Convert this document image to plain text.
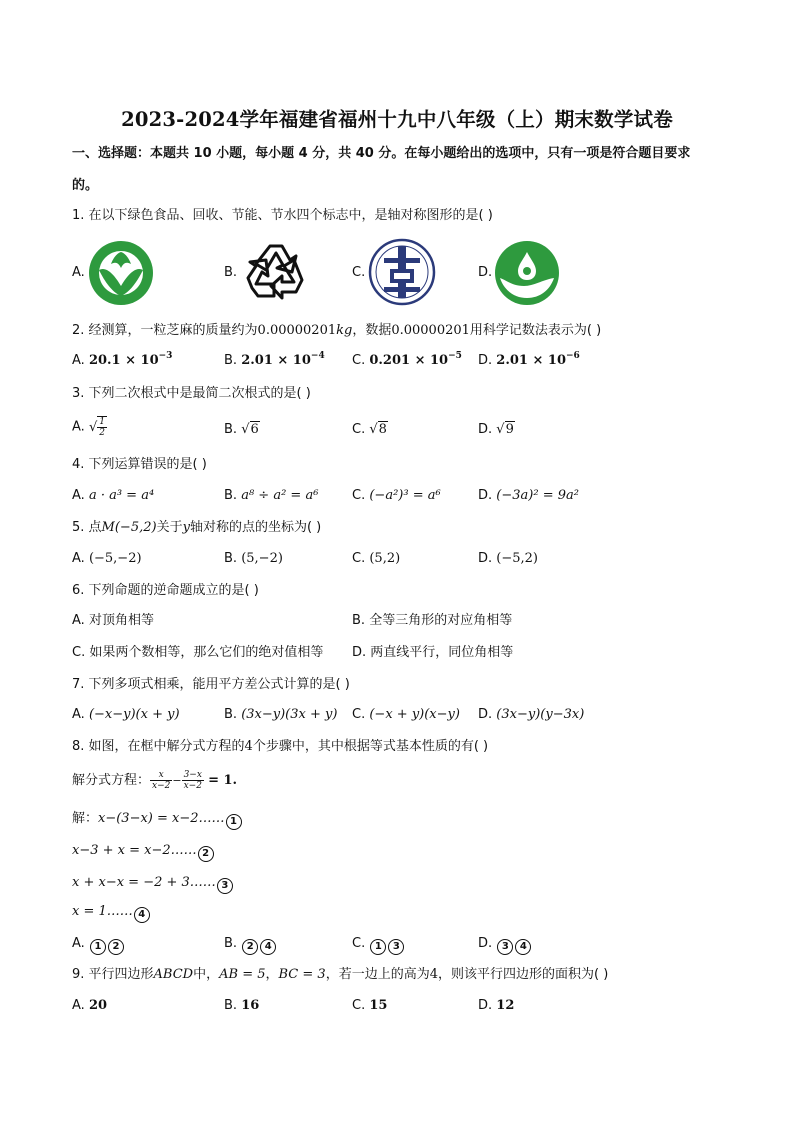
2023-2024学年福建省福州十九中八年级（上）期末数学试卷
一、选择题：本题共 10 小题，每小题 4 分，共 40 分。在每小题给出的选项中，只有一项是符合题目要求
的。
1. 在以下绿色食品、回收、节能、节水四个标志中，是轴对称图形的是( )
A.	B.	C.	D.
2. 经测算，一粒芝麻的质量约为0.00000201kg，数据0.00000201用科学记数法表示为( )
A. $20.1 \times 10^{-3}$	B. $2.01 \times 10^{-4}$ C. $0.201 \times 10^{-5}$ D. $2.01 \times 10^{-6}$
3. 下列二次根式中是最简二次根式的是( )
A. √ $\frac{1}{2}$	B. √6	C. √8	D. √9
4. 下列运算错误的是( )
A. a · a³ = a⁴	B. a⁸ ÷ a² = a⁶	C. (−a²)³ = a⁶	D. (−3a)² = 9a²
5. 点M(−5,2)关于y轴对称的点的坐标为( )
A. (−5,−2)	B. (5,−2)	C. (5,2)	D. (−5,2)
6. 下列命题的逆命题成立的是( )
A. 对顶角相等	B. 全等三角形的对应角相等
C. 如果两个数相等，那么它们的绝对值相等 D. 两直线平行，同位角相等
7. 下列多项式相乘，能用平方差公式计算的是( )
A. (−x−y)(x + y)	B. (3x−y)(3x + y) C. (−x + y)(x−y) D. (3x−y)(y−3x)
8. 如图，在框中解分式方程的4个步骤中，其中根据等式基本性质的有( )
解分式方程： $\frac{x}{x-2} - \frac{3-x}{x-2} = 1$.
解：x−(3−x) = x−2…… 1
x−3 + x = x−2…… 2
x + x−x = −2 + 3…… 3
x = 1…… 4
A. 1 2	B. 2 4	C. 1 3	D. 3 4
9. 平行四边形ABCD中，AB = 5，BC = 3，若一边上的高为4，则该平行四边形的面积为( )
A. 20	B. 16	C. 15	D. 12
